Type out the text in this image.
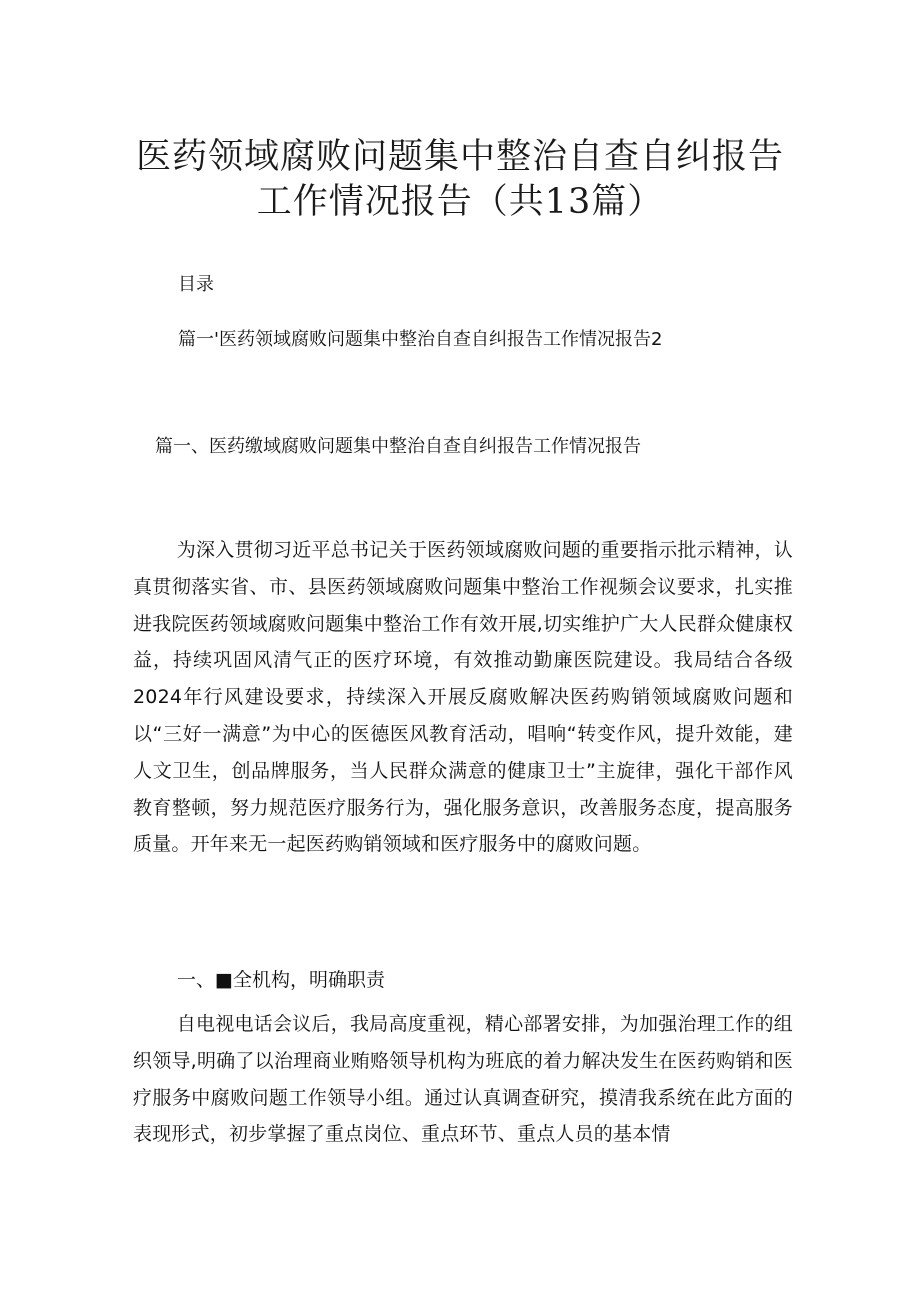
医药领域腐败问题集中整治自查自纠报告
工作情况报告（共13篇）
目录
篇一'医药领域腐败问题集中整治自查自纠报告工作情况报告2
篇一、医药缴域腐败问题集中整治自查自纠报告工作情况报告

为深入贯彻习近平总书记关于医药领域腐败问题的重要指示批示精神，认真贯彻落实省、市、县医药领域腐败问题集中整治工作视频会议要求，扎实推进我院医药领域腐败问题集中整治工作有效开展,切实维护广大人民群众健康权益，持续巩固风清气正的医疗环境，有效推动勤廉医院建设。我局结合各级2024年行风建设要求，持续深入开展反腐败解决医药购销领域腐败问题和以“三好一满意”为中心的医德医风教育活动，唱响“转变作风，提升效能，建人文卫生，创品牌服务，当人民群众满意的健康卫士”主旋律，强化干部作风教育整顿，努力规范医疗服务行为，强化服务意识，改善服务态度，提高服务质量。开年来无一起医药购销领域和医疗服务中的腐败问题。

一、■全机构，明确职责

自电视电话会议后，我局高度重视，精心部署安排，为加强治理工作的组织领导,明确了以治理商业贿赂领导机构为班底的着力解决发生在医药购销和医疗服务中腐败问题工作领导小组。通过认真调查研究，摸清我系统在此方面的表现形式，初步掌握了重点岗位、重点环节、重点人员的基本情
